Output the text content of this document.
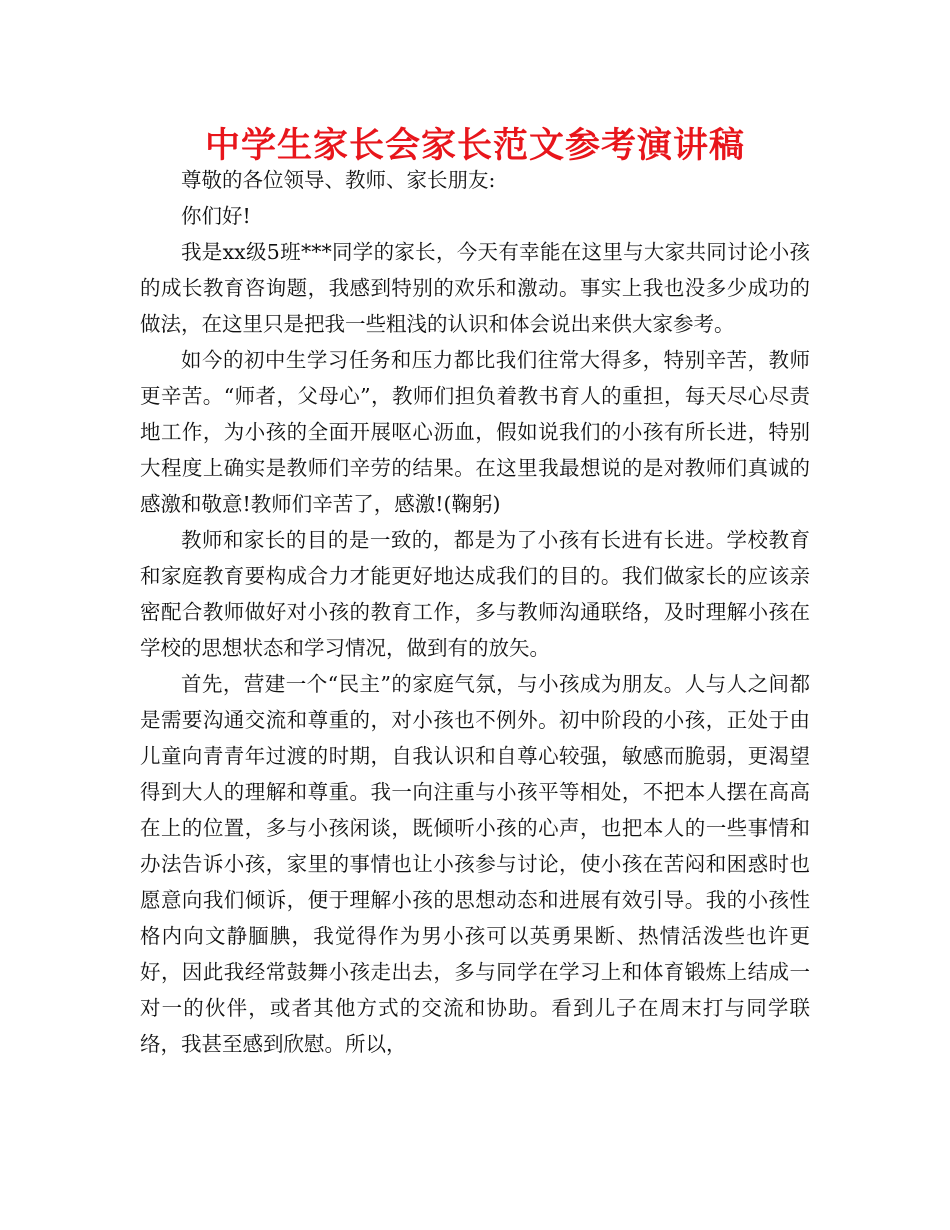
中学生家长会家长范文参考演讲稿

尊敬的各位领导、教师、家长朋友:

你们好!

我是xx级5班***同学的家长，今天有幸能在这里与大家共同讨论小孩的成长教育咨询题，我感到特别的欢乐和激动。事实上我也没多少成功的做法，在这里只是把我一些粗浅的认识和体会说出来供大家参考。

如今的初中生学习任务和压力都比我们往常大得多，特别辛苦，教师更辛苦。“师者，父母心”，教师们担负着教书育人的重担，每天尽心尽责地工作，为小孩的全面开展呕心沥血，假如说我们的小孩有所长进，特别大程度上确实是教师们辛劳的结果。在这里我最想说的是对教师们真诚的感激和敬意!教师们辛苦了，感激!(鞠躬)

教师和家长的目的是一致的，都是为了小孩有长进有长进。学校教育和家庭教育要构成合力才能更好地达成我们的目的。我们做家长的应该亲密配合教师做好对小孩的教育工作，多与教师沟通联络，及时理解小孩在学校的思想状态和学习情况，做到有的放矢。

首先，营建一个“民主”的家庭气氛，与小孩成为朋友。人与人之间都是需要沟通交流和尊重的，对小孩也不例外。初中阶段的小孩，正处于由儿童向青青年过渡的时期，自我认识和自尊心较强，敏感而脆弱，更渴望得到大人的理解和尊重。我一向注重与小孩平等相处，不把本人摆在高高在上的位置，多与小孩闲谈，既倾听小孩的心声，也把本人的一些事情和办法告诉小孩，家里的事情也让小孩参与讨论，使小孩在苦闷和困惑时也愿意向我们倾诉，便于理解小孩的思想动态和进展有效引导。我的小孩性格内向文静腼腆，我觉得作为男小孩可以英勇果断、热情活泼些也许更好，因此我经常鼓舞小孩走出去，多与同学在学习上和体育锻炼上结成一对一的伙伴，或者其他方式的交流和协助。看到儿子在周末打与同学联络，我甚至感到欣慰。所以，
